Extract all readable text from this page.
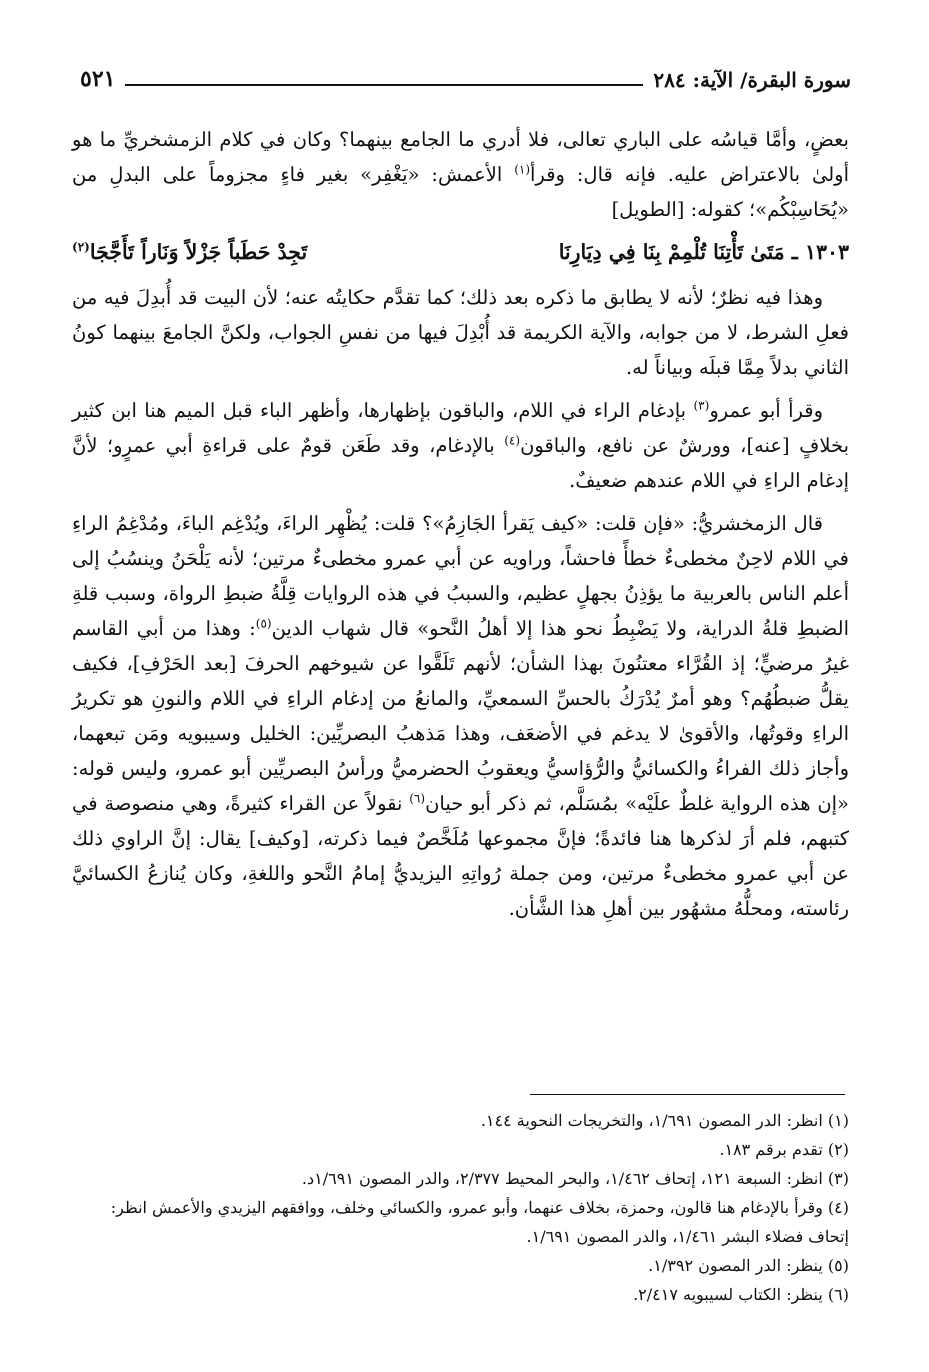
سورة البقرة/ الآية: ٢٨٤
٥٢١

بعضٍ، وأمَّا قياسُه على الباري تعالى، فلا أدري ما الجامع بينهما؟ وكان في كلام الزمشخريِّ ما هو أولىٰ بالاعتراض عليه. فإنه قال: وقرأ$^{(١)}$ الأعمش: «يَغْفِر» بغير فاءٍ مجزوماً على البدلِ من «يُحَاسِبْكُم»؛ كقوله: [الطويل]

١٣٠٣ ـ مَتَىٰ تَأْتِنَا تُلْمِمْ بِنَا فِي دِيَارِنَا
تَجِدْ حَطَباً جَزْلاً وَنَاراً تَأَجَّجَا$^{(٢)}$

وهذا فيه نظرٌ؛ لأنه لا يطابق ما ذكره بعد ذلك؛ كما تقدَّم حكايتُه عنه؛ لأن البيت قد أُبدِلَ فيه من فعلِ الشرط، لا من جوابه، والآية الكريمة قد أُبْدِلَ فيها من نفسِ الجواب، ولكنَّ الجامعَ بينهما كونُ الثاني بدلاً مِمَّا قبلَه وبياناً له.

وقرأ أبو عمرو$^{(٣)}$ بإدغام الراء في اللام، والباقون بإظهارها، وأظهر الباء قبل الميم هنا ابن كثير بخلافٍ [عنه]، وورشٌ عن نافع، والباقون$^{(٤)}$ بالإدغام، وقد طَعَن قومٌ على قراءةِ أبي عمرٍو؛ لأنَّ إدغام الراءِ في اللام عندهم ضعيفٌ.

قال الزمخشريُّ: «فإن قلت: «كيف يَقرأ الجَازِمُ»؟ قلت: يُظْهِر الراءَ، ويُدْغِم الباءَ، ومُدْغِمُ الراءِ في اللام لاحِنٌ مخطىءٌ خطأً فاحشاً، وراويه عن أبي عمرو مخطىءٌ مرتين؛ لأنه يَلْحَنُ وينسُبُ إلى أعلم الناس بالعربية ما يؤذِنُ بجهلٍ عظيم، والسببُ في هذه الروايات قِلَّةُ ضبطِ الرواة، وسبب قلةِ الضبطِ قلةُ الدراية، ولا يَضْبِطُ نحو هذا إلا أهلُ النَّحو» قال شهاب الدين$^{(٥)}$: وهذا من أبي القاسم غيرُ مرضيٍّ؛ إذ القُرَّاء معتنُونَ بهذا الشأن؛ لأنهم تَلَقَّوا عن شيوخهم الحرفَ [بعد الحَرْفِ]، فكيف يقلُّ ضبطُهُم؟ وهو أمرٌ يُدْرَكُ بالحسِّ السمعيِّ، والمانعُ من إدغام الراءِ في اللام والنونِ هو تكريرُ الراءِ وقوتُها، والأقوىٰ لا يدغم في الأضعَف، وهذا مَذهبُ البصريِّين: الخليل وسيبويه ومَن تبعهما، وأجاز ذلك الفراءُ والكسائيُّ والرُّؤاسيُّ ويعقوبُ الحضرميُّ ورأسُ البصريِّين أبو عمرو، وليس قوله: «إن هذه الرواية غلطٌ علَيْه» بمُسَلَّم، ثم ذكر أبو حيان$^{(٦)}$ نقولاً عن القراء كثيرةً، وهي منصوصة في كتبهم، فلم أرَ لذكرها هنا فائدةً؛ فإنَّ مجموعها مُلَخَّصٌ فيما ذكرته، [وكيف] يقال: إنَّ الراوي ذلك عن أبي عمرو مخطىءٌ مرتين، ومن جملة رُواتِهِ اليزيديُّ إمامُ النَّحو واللغةِ، وكان يُنازعُ الكسائيَّ رئاسته، ومحلُّهُ مشهُور بين أهلِ هذا الشَّأن.

(١) انظر: الدر المصون ١/٦٩١، والتخريجات النحوية ١٤٤.
(٢) تقدم برقم ١٨٣.
(٣) انظر: السبعة ١٢١، إتحاف ١/٤٦٢، والبحر المحيط ٢/٣٧٧، والدر المصون ١/٦٩١د.
(٤) وقرأ بالإدغام هنا قالون، وحمزة، بخلاف عنهما، وأبو عمرو، والكسائي وخلف، ووافقهم اليزيدي والأعمش انظر: إتحاف فضلاء البشر ١/٤٦١، والدر المصون ١/٦٩١.
(٥) ينظر: الدر المصون ١/٣٩٢.
(٦) ينظر: الكتاب لسيبويه ٢/٤١٧.
